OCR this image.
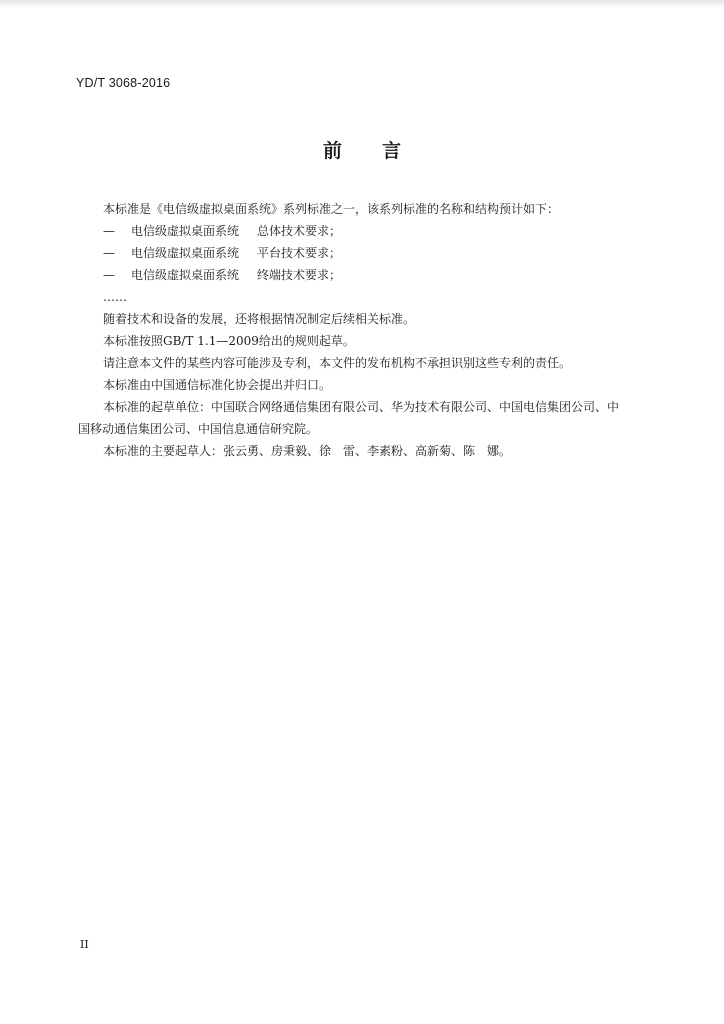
YD/T 3068-2016
前 言

本标准是《电信级虚拟桌面系统》系列标准之一，该系列标准的名称和结构预计如下：

— 电信级虚拟桌面系统 总体技术要求；

— 电信级虚拟桌面系统 平台技术要求；

— 电信级虚拟桌面系统 终端技术要求；

……

随着技术和设备的发展，还将根据情况制定后续相关标准。

本标准按照GB/T 1.1—2009给出的规则起草。

请注意本文件的某些内容可能涉及专利，本文件的发布机构不承担识别这些专利的责任。

本标准由中国通信标准化协会提出并归口。

本标准的起草单位：中国联合网络通信集团有限公司、华为技术有限公司、中国电信集团公司、中

国移动通信集团公司、中国信息通信研究院。

本标准的主要起草人：张云勇、房秉毅、徐　雷、李素粉、高新菊、陈　娜。

II
